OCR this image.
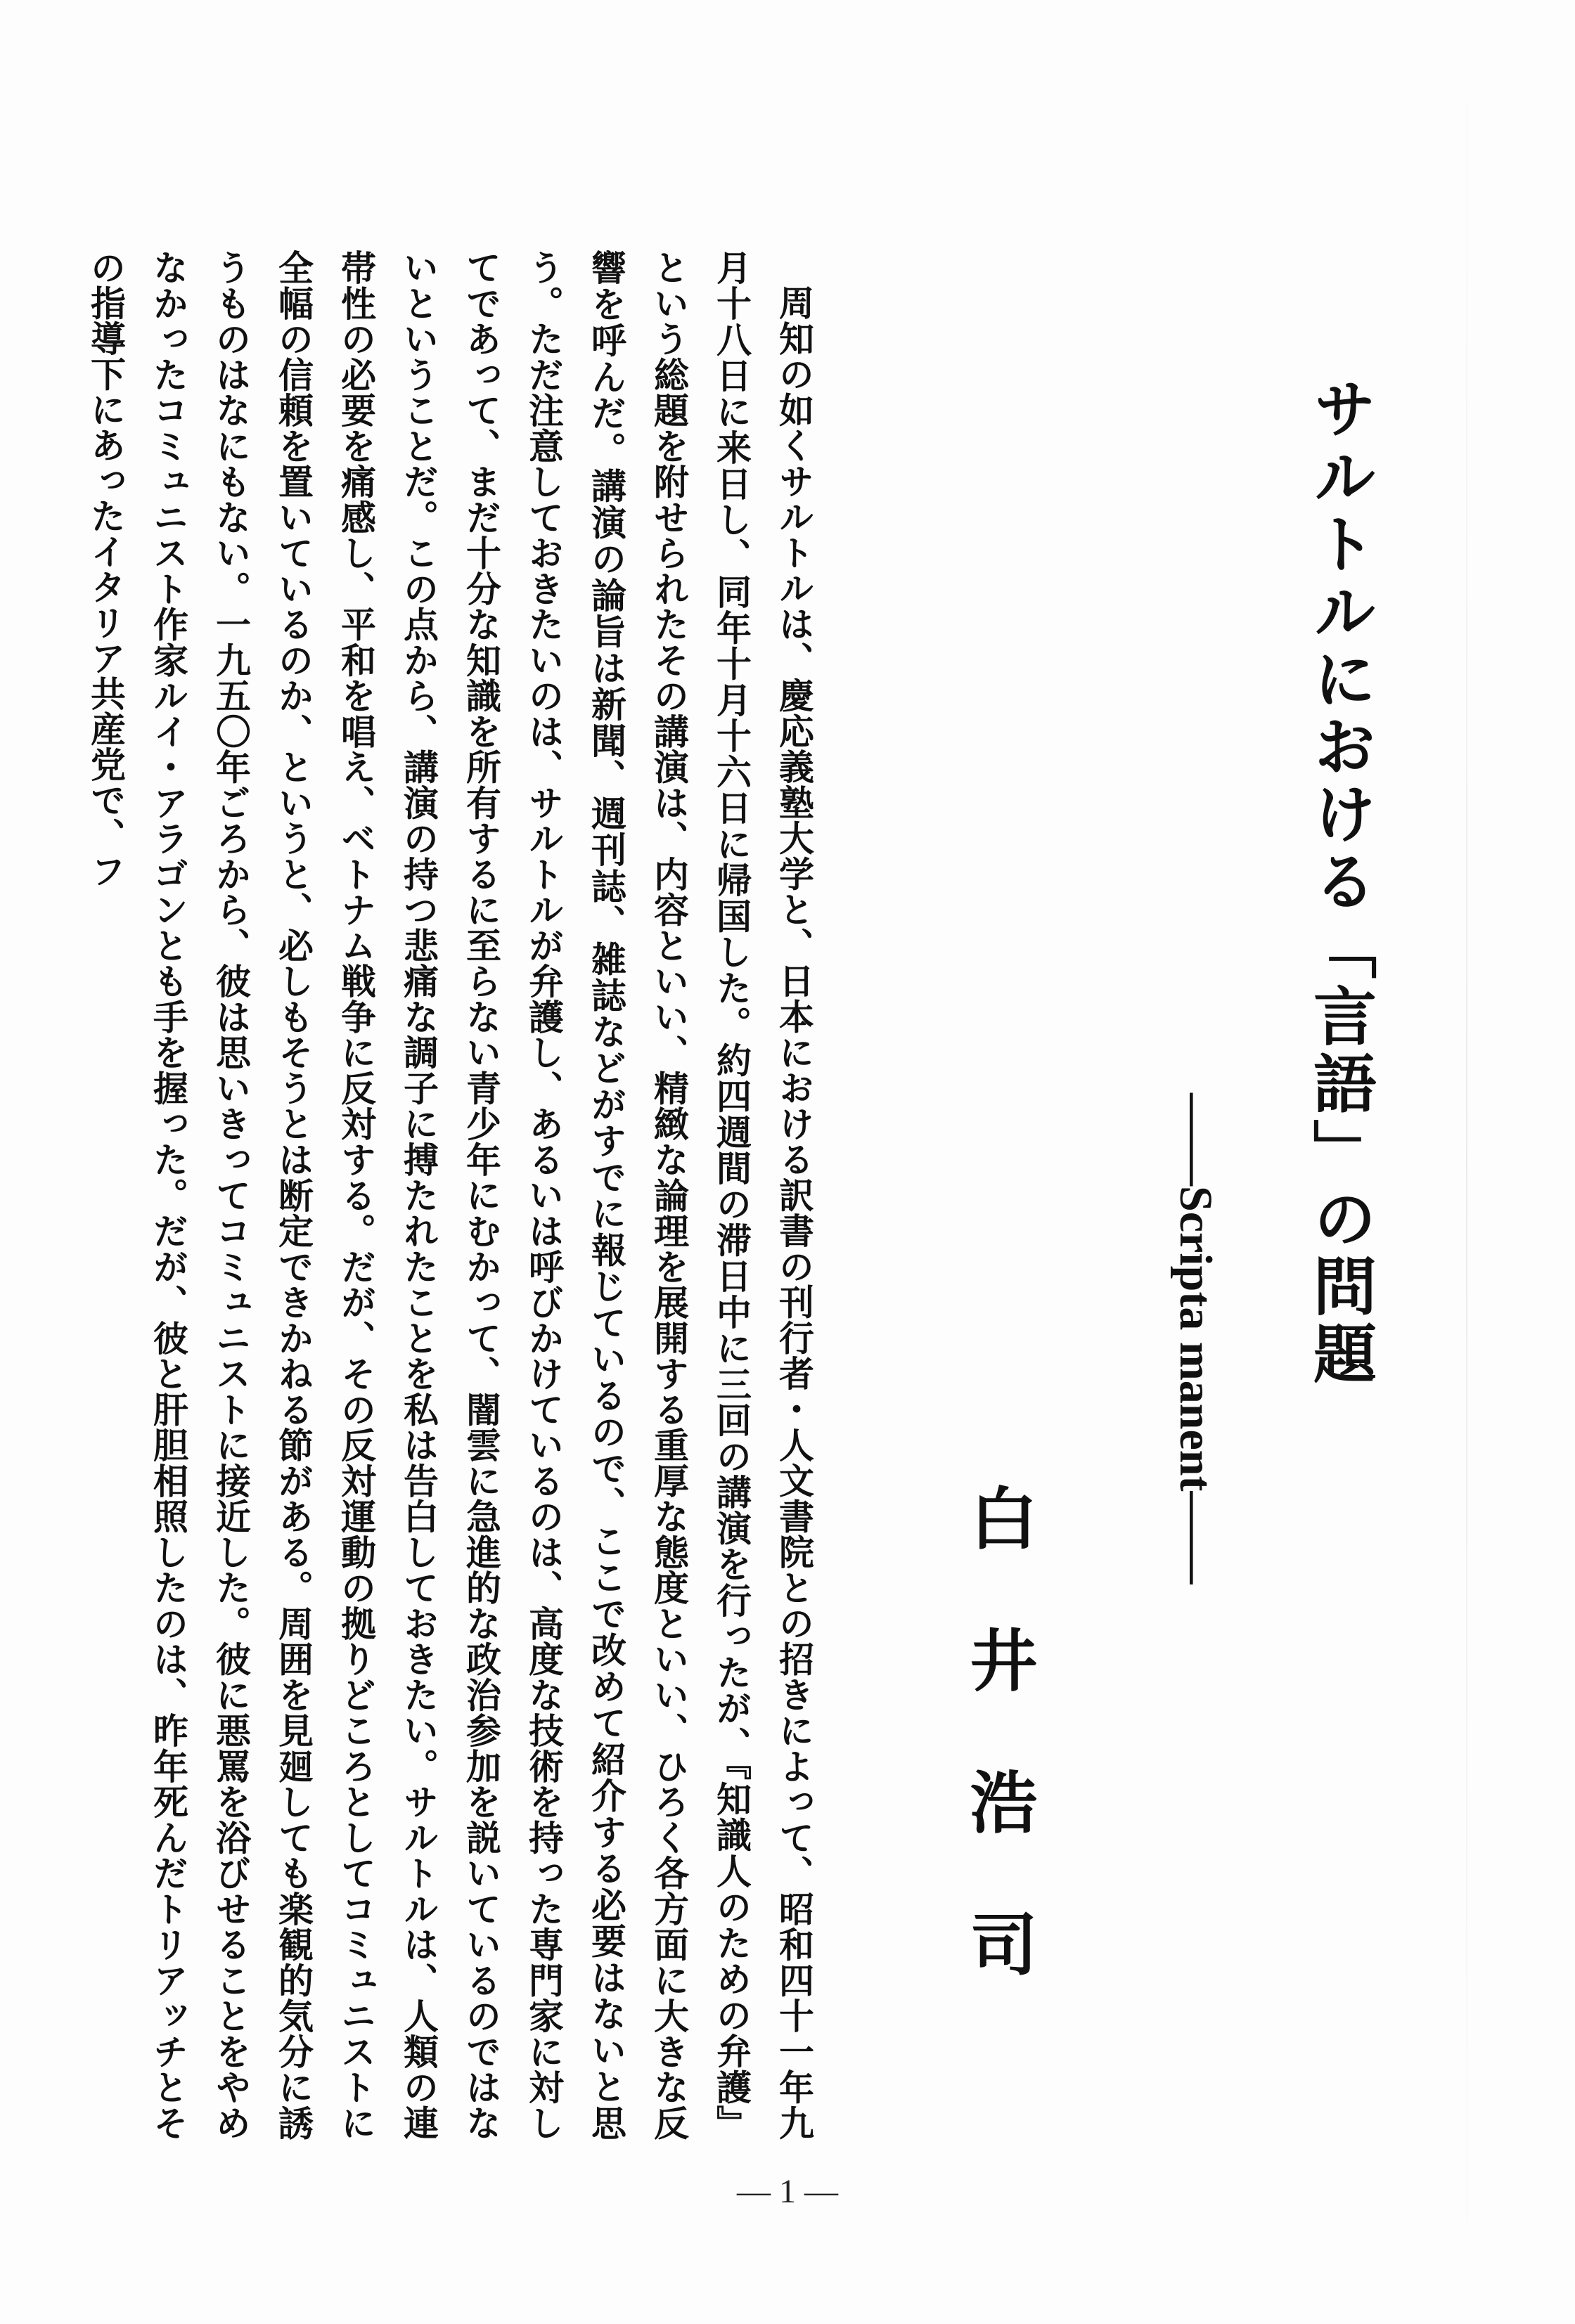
サルトルにおける「言語」の問題
――Scripta manent――
白井浩司

周知の如くサルトルは、慶応義塾大学と、日本における訳書の刊行者・人文書院との招きによって、昭和四十一年九月十八日に来日し、同年十月十六日に帰国した。約四週間の滞日中に三回の講演を行ったが、『知識人のための弁護』という総題を附せられたその講演は、内容といい、精緻な論理を展開する重厚な態度といい、ひろく各方面に大きな反響を呼んだ。講演の論旨は新聞、週刊誌、雑誌などがすでに報じているので、ここで改めて紹介する必要はないと思う。ただ注意しておきたいのは、サルトルが弁護し、あるいは呼びかけているのは、高度な技術を持った専門家に対してであって、まだ十分な知識を所有するに至らない青少年にむかって、闇雲に急進的な政治参加を説いているのではないということだ。この点から、講演の持つ悲痛な調子に搏たれたことを私は告白しておきたい。サルトルは、人類の連帯性の必要を痛感し、平和を唱え、ベトナム戦争に反対する。だが、その反対運動の拠りどころとしてコミュニストに全幅の信頼を置いているのか、というと、必しもそうとは断定できかねる節がある。周囲を見廻しても楽観的気分に誘うものはなにもない。一九五〇年ごろから、彼は思いきってコミュニストに接近した。彼に悪罵を浴びせることをやめなかったコミュニスト作家ルイ・アラゴンとも手を握った。だが、彼と肝胆相照したのは、昨年死んだトリアッチとその指導下にあったイタリア共産党で、フ

— 1 —
